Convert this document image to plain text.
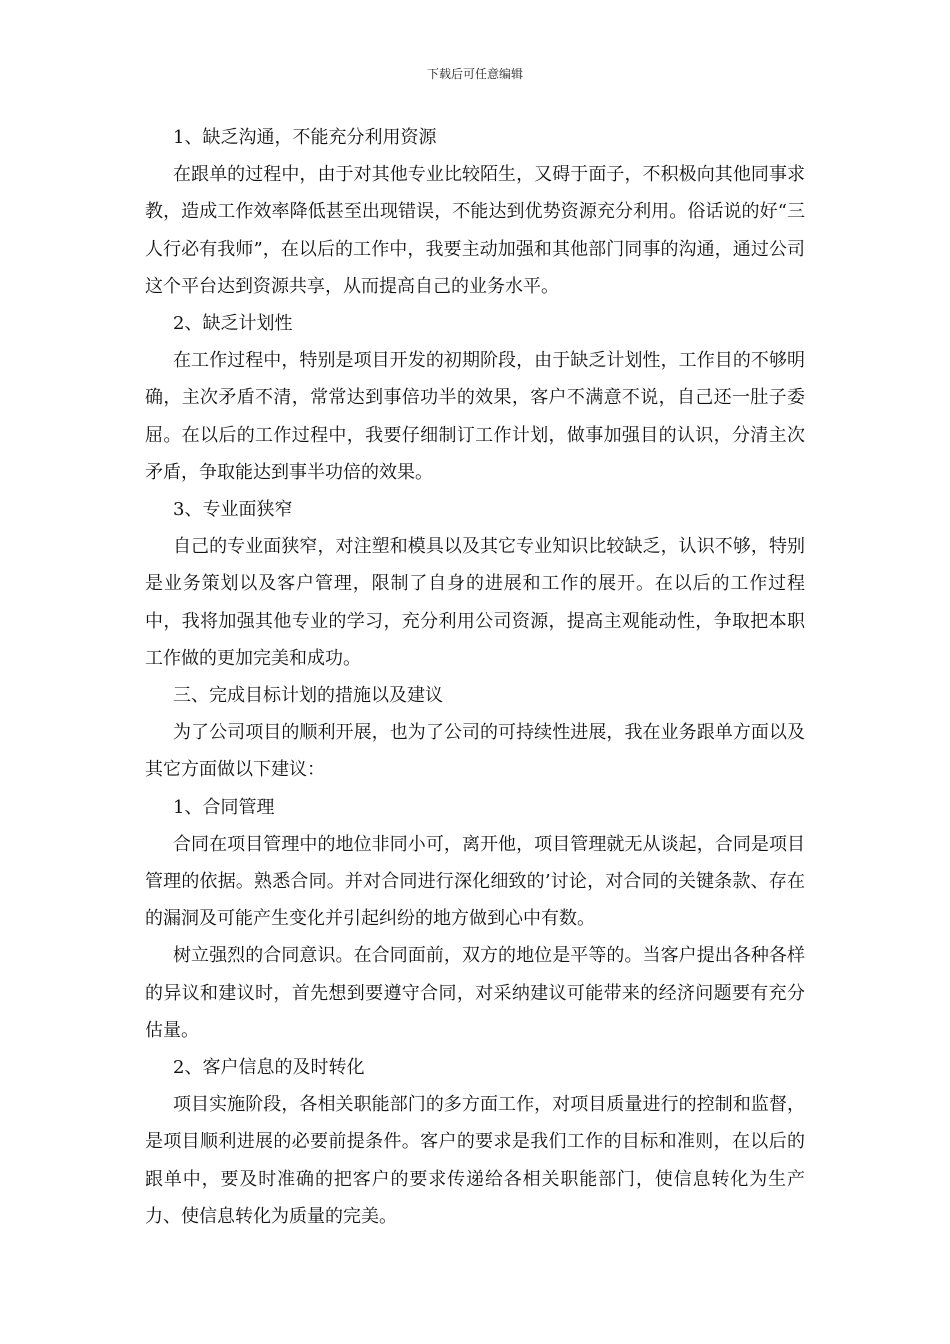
下载后可任意编辑

1、缺乏沟通，不能充分利用资源

在跟单的过程中，由于对其他专业比较陌生，又碍于面子，不积极向其他同事求教，造成工作效率降低甚至出现错误，不能达到优势资源充分利用。俗话说的好“三人行必有我师”，在以后的工作中，我要主动加强和其他部门同事的沟通，通过公司这个平台达到资源共享，从而提高自己的业务水平。

2、缺乏计划性

在工作过程中，特别是项目开发的初期阶段，由于缺乏计划性，工作目的不够明确，主次矛盾不清，常常达到事倍功半的效果，客户不满意不说，自己还一肚子委屈。在以后的工作过程中，我要仔细制订工作计划，做事加强目的认识，分清主次矛盾，争取能达到事半功倍的效果。

3、专业面狭窄

自己的专业面狭窄，对注塑和模具以及其它专业知识比较缺乏，认识不够，特别是业务策划以及客户管理，限制了自身的进展和工作的展开。在以后的工作过程中，我将加强其他专业的学习，充分利用公司资源，提高主观能动性，争取把本职工作做的更加完美和成功。

三、完成目标计划的措施以及建议

为了公司项目的顺利开展，也为了公司的可持续性进展，我在业务跟单方面以及其它方面做以下建议：

1、合同管理

合同在项目管理中的地位非同小可，离开他，项目管理就无从谈起，合同是项目管理的依据。熟悉合同。并对合同进行深化细致的’讨论，对合同的关键条款、存在的漏洞及可能产生变化并引起纠纷的地方做到心中有数。

树立强烈的合同意识。在合同面前，双方的地位是平等的。当客户提出各种各样的异议和建议时，首先想到要遵守合同，对采纳建议可能带来的经济问题要有充分估量。

2、客户信息的及时转化

项目实施阶段，各相关职能部门的多方面工作，对项目质量进行的控制和监督，是项目顺利进展的必要前提条件。客户的要求是我们工作的目标和准则，在以后的跟单中，要及时准确的把客户的要求传递给各相关职能部门，使信息转化为生产力、使信息转化为质量的完美。
